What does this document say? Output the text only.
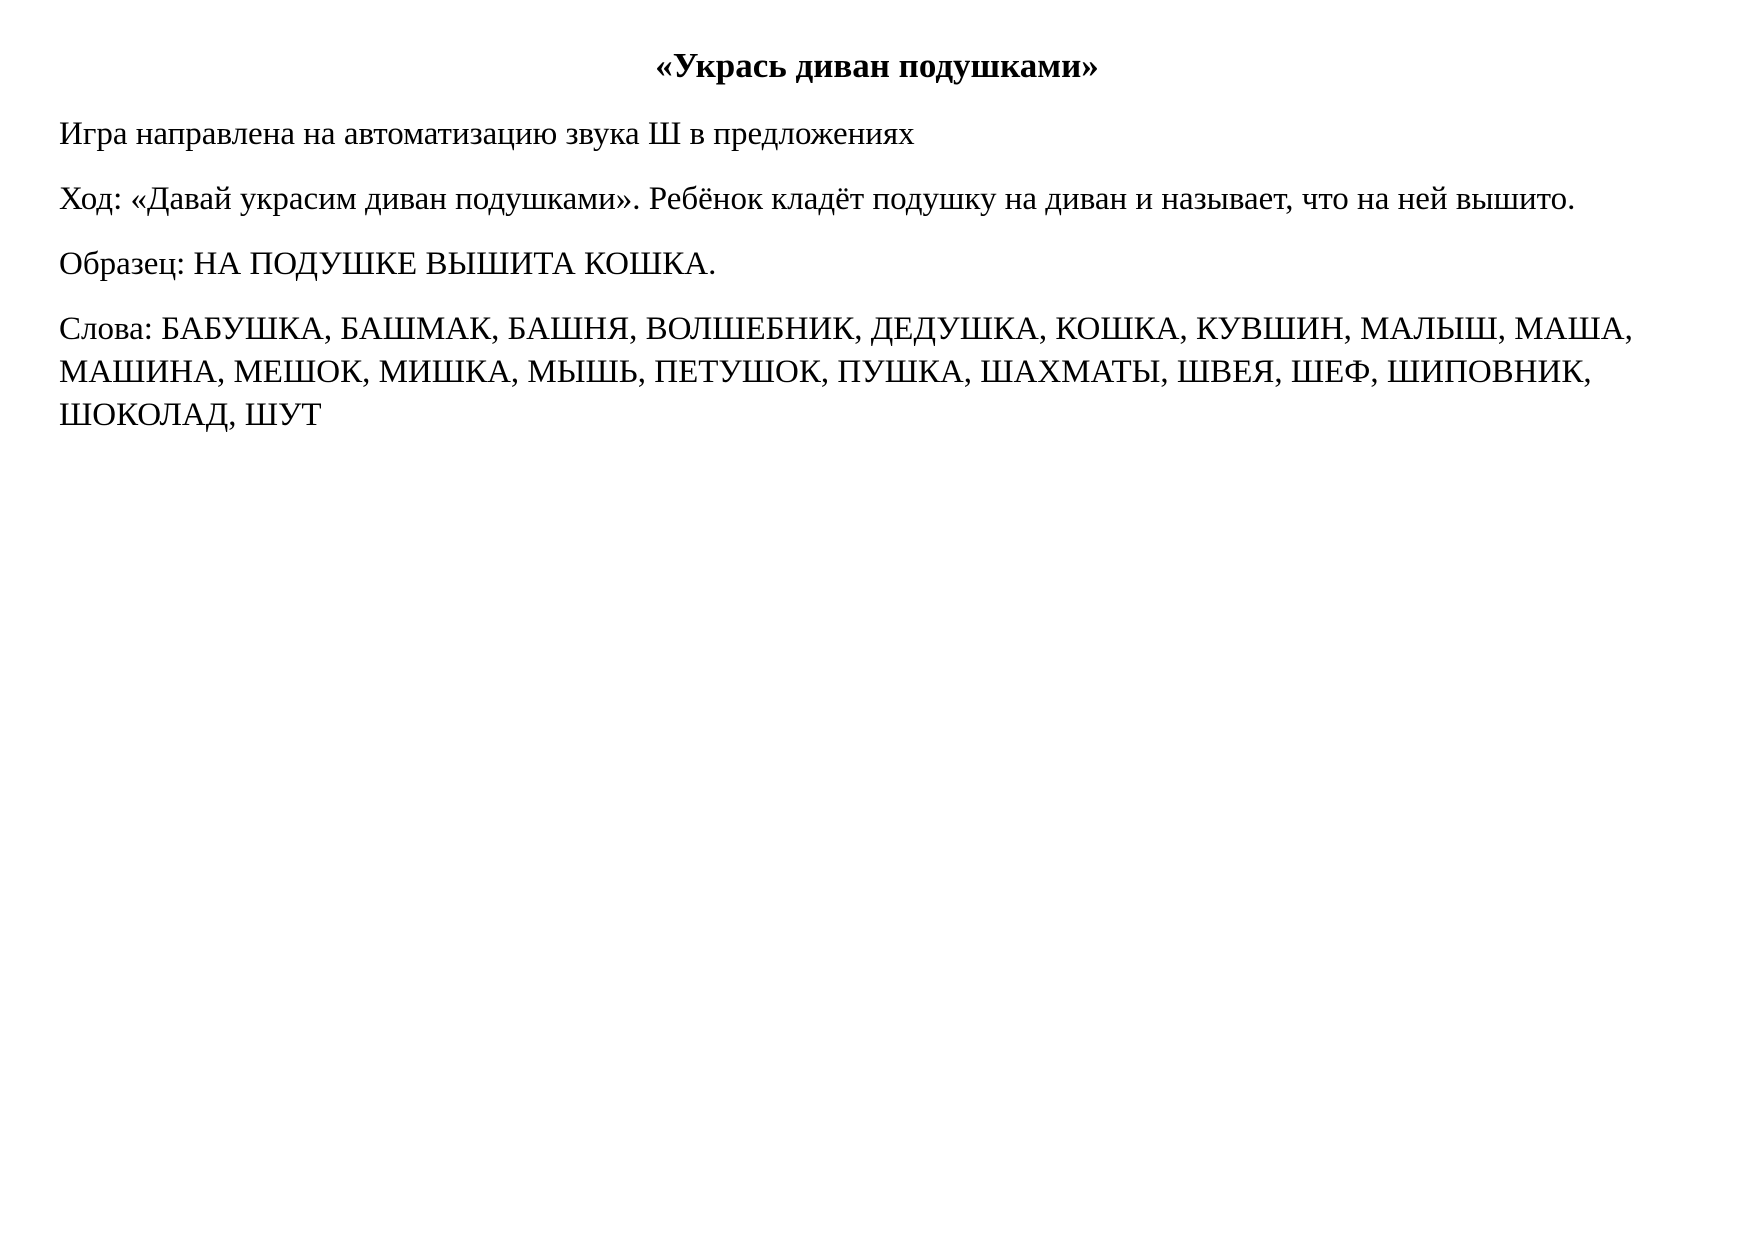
«Укрась диван подушками»

Игра направлена на автоматизацию звука Ш в предложениях

Ход: «Давай украсим диван подушками». Ребёнок кладёт подушку на диван и называет, что на ней вышито.

Образец: НА ПОДУШКЕ ВЫШИТА КОШКА.

Слова: БАБУШКА, БАШМАК, БАШНЯ, ВОЛШЕБНИК, ДЕДУШКА, КОШКА, КУВШИН, МАЛЫШ, МАША, МАШИНА, МЕШОК, МИШКА, МЫШЬ, ПЕТУШОК, ПУШКА, ШАХМАТЫ, ШВЕЯ, ШЕФ, ШИПОВНИК, ШОКОЛАД, ШУТ
